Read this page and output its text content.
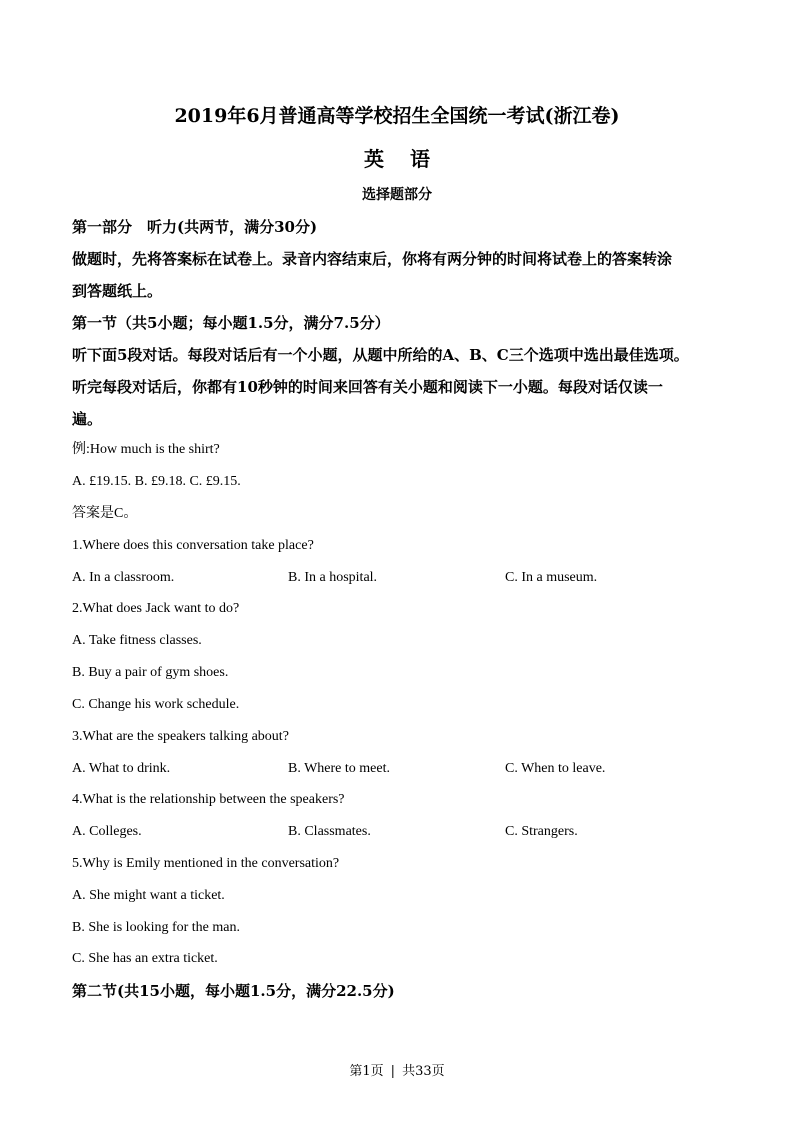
2019年6月普通高等学校招生全国统一考试(浙江卷)
英 语
选择题部分
第一部分　听力(共两节，满分30分)
做题时，先将答案标在试卷上。录音内容结束后，你将有两分钟的时间将试卷上的答案转涂
到答题纸上。
第一节（共5小题；每小题1.5分，满分7.5分）
听下面5段对话。每段对话后有一个小题，从题中所给的A、B、C三个选项中选出最佳选项。
听完每段对话后，你都有10秒钟的时间来回答有关小题和阅读下一小题。每段对话仅读一
遍。
例:How much is the shirt?
A. £19.15. B. £9.18. C. £9.15.
答案是C。
1.Where does this conversation take place?
A. In a classroom.	B. In a hospital.	C. In a museum.
2.What does Jack want to do?
A. Take fitness classes.
B. Buy a pair of gym shoes.
C. Change his work schedule.
3.What are the speakers talking about?
A. What to drink.	B. Where to meet.	C. When to leave.
4.What is the relationship between the speakers?
A. Colleges.	B. Classmates.	C. Strangers.
5.Why is Emily mentioned in the conversation?
A. She might want a ticket.
B. She is looking for the man.
C. She has an extra ticket.
第二节(共15小题，每小题1.5分，满分22.5分)
第1页 | 共33页
